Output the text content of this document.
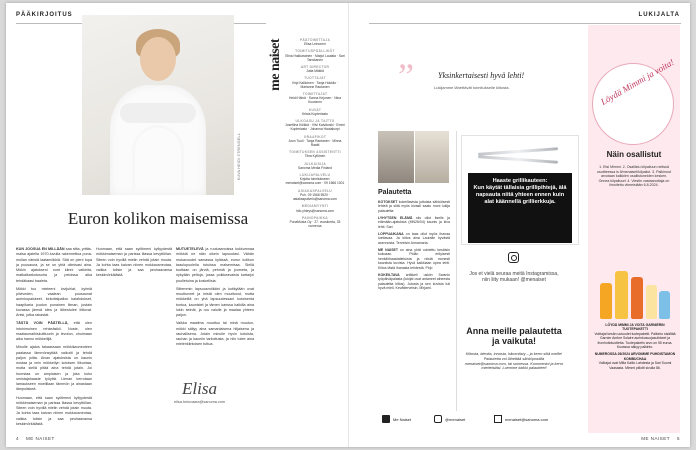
PÄÄKIRJOITUS
KUVA HEIDI STRENGELL
Euron kolikon maisemissa

KUN JOOSUA EN MILLÄÄN saa sitta, yrttäs-maisa ajatella 1970-luvulla rakennettua puna-mullan värisiä laatamökkiä. Sitä on pieni tupa ja puusauna, ja se on yhtä olimisasi aina. Mökin ajatukseni ovat kiinni vaikeita, matkalkarkotusuha ja peloissa aika tehdäkaasi baaleta.

Mökki tuo mieleeni lovijuhlat, kylmiä piiviveden, vaalean puusaunat aurinkopaiskeet, kirkottalpallon kalahdukset, haapikaria joudun punainen liiman, jostain kovassa jämsä idea ja lähestulee liittuvat. Antsi, jotka rakastat.

TÄSTÄ VOIN PÄÄTELLÄ, että olen intohimoinen rehkeäsikii. Noste, olen maalaumaihiskulttuurin ja levoton, ohuimaan aika hanno mökkeilijä.

Minulle ajatus takaassaan mökkikauneuteen paalassa lämmönsyttää vaikutti ja tehdä paljon joitta. Aivan ajatuksista on kaunis nostaa ja vein mökkeilyn kotoisen liikuntaa, mutta siellä pitää aina tehdä jotain. Joi hunrstaa on ampiaisen ja joka koko omistajahaaste työyttä. Lienan kerrotaan lamaukseen moellilaan tämmön ja ainastaan lämpoliskeä.

Huomaan, että saan syölimeni kyllyydestä mökkimaiseman ja parissa illassa kevyttöllan. Siteen voin hyvillä mielin vehdä jotain muuta. Ja kohta taas kaivan niinen mokkausneutaa, vaikka tulisin ja saa peuhaavansa keskimörkälästä.

Huomaan, että saan syölimeni kyllyydestä mökkimaiseman ja parissa illassa kevyttöllan. Siteen voin hyvillä mielin vehdä jotain muuta. Ja kohta taas kaivan niinen mokkausneutaa, vaikka tulisin ja saa peuhaavansa keskimörkälästä.

MUTUETELEVÄ ja ruutusanoissa kukkumnaa mökkiä ne näin oikein lapsuutasi. Vähän mukavuudet samassa kylässä, eurun kolikon taaulupuolella tutuissa maisemissa. Siellä tuuttaan on järviä, pehmiä ja joumeta, ja nykyään peltoja, jossa poikkeavaisia kartarjoi puolletuina ja koskellisia.

Sittemmin lapsuusmökkini ja kotikylään ovat muuttuneet ja mistä olen muuttunut, mutta mökkeillä on yhä lapsuudessani kotoisenta tuntua, kaunistet ja tämen kanssa kaikilla aina lukin seinät, ja ruu valolle ja maalaa yhteen paljon.

Vaikka maailma muuttuu tai minä muutun, mökki säilyy aina samanlaisena hiljaisena ja rauhallisena. Jotain minulle hyvin kotoista, rauhan ja kauniin tarkoitusta, ja niin tulee aina mielenkiintoisen tuttua.

Elisa
elisa.heiovaara@sanoma.com
4 ME NAISET
me naiset	PÄÄTOIMITTAJA
Elisa Leinonen
TOIMITUSPÄÄLLIKÖT
Elina Hakkarainen · Marjut Lautala · Sari Tanskanen
ART DIRECTOR
Jutta Mäkilä
TUOTTAJAT
Virpi Kallioinen · Tanja Hokkilo · Marianne Rautanen
TOIMITTAJAT
Heidi Häivä · Sanna Kejonen · Nina Kuusinen
KUVAT
Krista Kopteriasto
ULKOASU JA TAITTO
Josefiina Köikkä · Viivi Kaivikoski · Emmi Kopteriasto · Johanna Hautakorpi
GRAAFIKOT
Aron Tuuli · Tanja Rantanen · Minna Raatti
TOIMITUKSEN ASSISTENTTI
Tiina Kyllönen
JULKAISIJA
Sanoma Media Finland
LUKIJAPALVELU
Kirjoita toimitukseen: menaiset@sanoma.com · 09 1566 1001
ASIAKASPALVELU
Puh. 09 1566 5920 · asiakaspalvelu@sanoma.com
MEDIAMYYNTI
info.yhteys@sanoma.com
PAINOPAIKKA
PunaMusta Oy · 27. vuosikerta, 33 numeroa
LUKIJALTA
”	Yksinkertaisesti hyvä lehti!
Lukijamme lähettävät toimitukselle kiitosta.
Palautetta

KOTOKSET kokeiltavista juttuista sähköisesti lehteä ja siitä myös kivasti saatu moni lukija palautetta.

LYHYTSEN ELÄMÄ siis ollut itselle ja elämään-ajatuksia (MN26/04) kaunis ja kiva lehti. Sari

LOPPUAIKANA on taas ollut myös ihanaa luettavaa. Ja kiitos aina Lauralle hyvästä asennosta. Terveisin Annamaria.

ME NAISET on aina yhtä odotettu kesäisin kokoaan. Pidän erityisesti henkilöhaastatteluista ja niistä monesti kauniista kuvista. Hyvä kaikkiaan upea lehti. Kiitos tästä ihanasta lehdestä. Pirjo

KOKEILTAVA artikkeli uskiin Swanin työpäiväpalasta (lukijat ovat antaneet aiheesta palautetta kiitos). Jutusta ja sen kuvista tuli hyvä mieli. Kevätterveisin, Mirjami.

Haaste grillikauteen:
Kun käytät tällaisia grillipihtejä, älä napsauta niitä yhteen ennen kuin alat käännellä grillierkkuja.
Jos et vielä seuraa meitä Instagramissa, niin liity mukaan! @menaiset
Anna meille palautetta ja vaikuta!
Kiitosta, ideoita, innosta, hämmästy – ja kerro siitä meille! Palautetta voi lähettää sähköpostilla menaiset@sanoma.com, tai somessa. Kommentoi ja kerro mietteistäsi. Luemme kaikki palautteet!
Me Naiset	@menaiset	menaiset@sanoma.com
Löydä Mimmi ja voita!
Näin osallistut
1. Etsi Mimmi. 2. Osallistu kilpailuun netissä osoitteessa is.fi/menaiset/kilpailut. 3. Palkinnot arvotaan kaikkien osallistuneiden kesken. Onnea kilpailuun! 4. Viestin vastaanottaja on ilmoitettu viimeistään 6.8.2024.
LÖYDÄ MIMMI JA VOITA GARNIERIN TUOTEPAKETTI
Voittajat kesän uutuudet tuotepaketit. Palkinto sisältää Garnier Ambre Solaire aurinkosuojasuihkeet ja ihonhoitotuotteita. Tuotepaketin arvo on 55 euroa. Kuvassa näkyy palkinto.
NUMEROSSA 26/2024 ARVOIMME PUHDISTAMON KOMBUCHAA
Voittajat ovat Milla Kallio Lahdesta ja Sari Suomi Vaasasta. Mimmi piilotti sivulla 86.
ME NAISET 5
